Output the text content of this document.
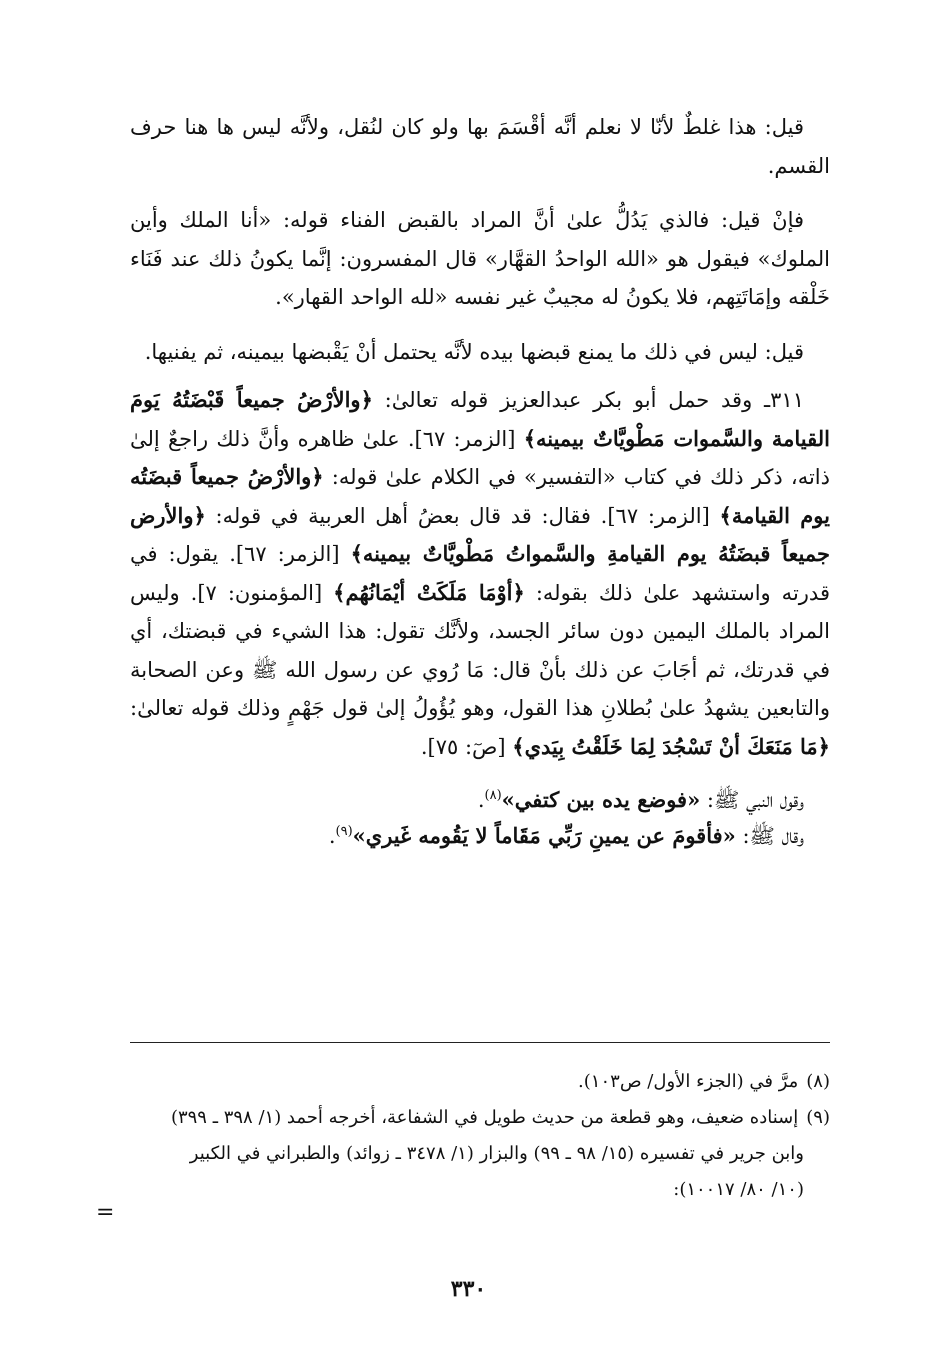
قيل: هذا غلطٌ لأنّا لا نعلم أنَّه أقْسَمَ بها ولو كان لنُقل، ولأنَّه ليس ها هنا حرف القسم.

فإنْ قيل: فالذي يَدُلُّ علىٰ أنَّ المراد بالقبض الفناء قوله: «أنا الملك وأين الملوك» فيقول هو «الله الواحدُ القهَّار» قال المفسرون: إنَّما يكونُ ذلك عند فَنَاء خَلْقه وإمَاتَتِهم، فلا يكونُ له مجيبٌ غير نفسه «لله الواحد القهار».

قيل: ليس في ذلك ما يمنع قبضها بيده لأنَّه يحتمل أنْ يَقْبضها بيمينه، ثم يفنيها.

٣١١ـ وقد حمل أبو بكر عبدالعزيز قوله تعالىٰ: ﴿والأرْضُ جميعاً قَبْضَتُهُ يَومَ القيامة والسَّموات مَطْويَّاتٌ بيمينه﴾ [الزمر: ٦٧]. علىٰ ظاهره وأنَّ ذلك راجعٌ إلىٰ ذاته، ذكر ذلك في كتاب «التفسير» في الكلام علىٰ قوله: ﴿والأرْضُ جميعاً قبضَتُه يوم القيامة﴾ [الزمر: ٦٧]. فقال: قد قال بعضُ أهل العربية في قوله: ﴿والأرض جميعاً قبضَتُهُ يوم القيامةِ والسَّمواتُ مَطْويَّاتٌ بيمينه﴾ [الزمر: ٦٧]. يقول: في قدرته واستشهد علىٰ ذلك بقوله: ﴿أوْمَا مَلَكَتْ أيْمَانُهُم﴾ [المؤمنون: ٧]. وليس المراد بالملك اليمين دون سائر الجسد، ولأنَّك تقول: هذا الشيء في قبضتك، أي في قدرتك، ثم أجَابَ عن ذلك بأنْ قال: مَا رُوي عن رسول الله ﷺ وعن الصحابة والتابعين يشهدُ علىٰ بُطلانِ هذا القول، وهو يُؤُولُ إلىٰ قول جَهْمٍ وذلك قوله تعالىٰ: ﴿مَا مَنَعَكَ أنْ تَسْجُدَ لِمَا خَلَقْتُ بِيَدي﴾ [صٓ: ٧٥].

وقول النبي ﷺ: «فوضع يده بين كتفي»$^{(٨)}$.

وقال ﷺ: «فأقومَ عن يمينِ رَبِّي مَقَاماً لا يَقُومه غَيري»$^{(٩)}$.

(٨) مرَّ في (الجزء الأول/ ص١٠٣).

(٩) إسناده ضعيف، وهو قطعة من حديث طويل في الشفاعة، أخرجه أحمد (١/ ٣٩٨ ـ ٣٩٩)

وابن جرير في تفسيره (١٥/ ٩٨ ـ ٩٩) والبزار (١/ ٣٤٧٨ ـ زوائد) والطبراني في الكبير

(١٠/ ٨٠/ ١٠٠١٧):

=
٣٣٠
